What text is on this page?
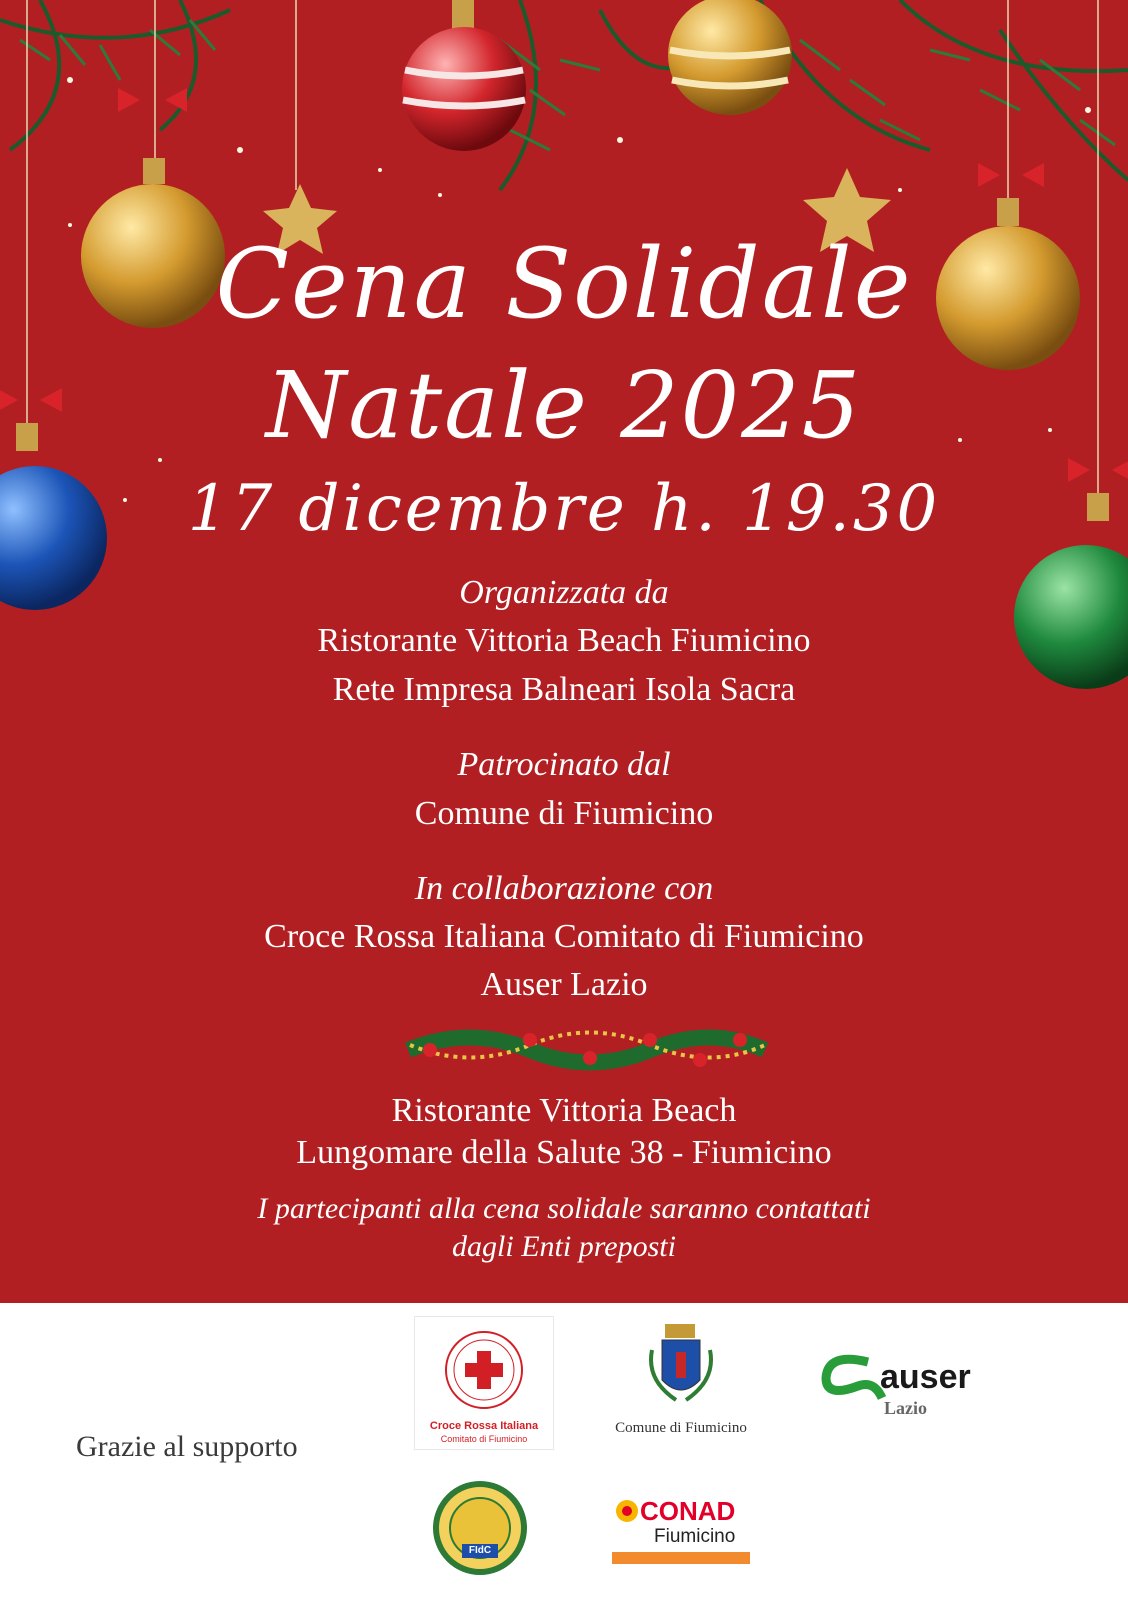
Cena Solidale
Natale 2025
17 dicembre h. 19.30
Organizzata da
Ristorante Vittoria Beach Fiumicino
Rete Impresa Balneari Isola Sacra
Patrocinato dal
Comune di Fiumicino
In collaborazione con
Croce Rossa Italiana Comitato di Fiumicino
Auser Lazio
Ristorante Vittoria Beach
Lungomare della Salute 38 - Fiumicino
I partecipanti alla cena solidale saranno contattati
dagli Enti preposti
Grazie al supporto
Croce Rossa Italiana
Comitato di Fiumicino
Comune di Fiumicino
auser
Lazio
FIdC
CONAD
Fiumicino
